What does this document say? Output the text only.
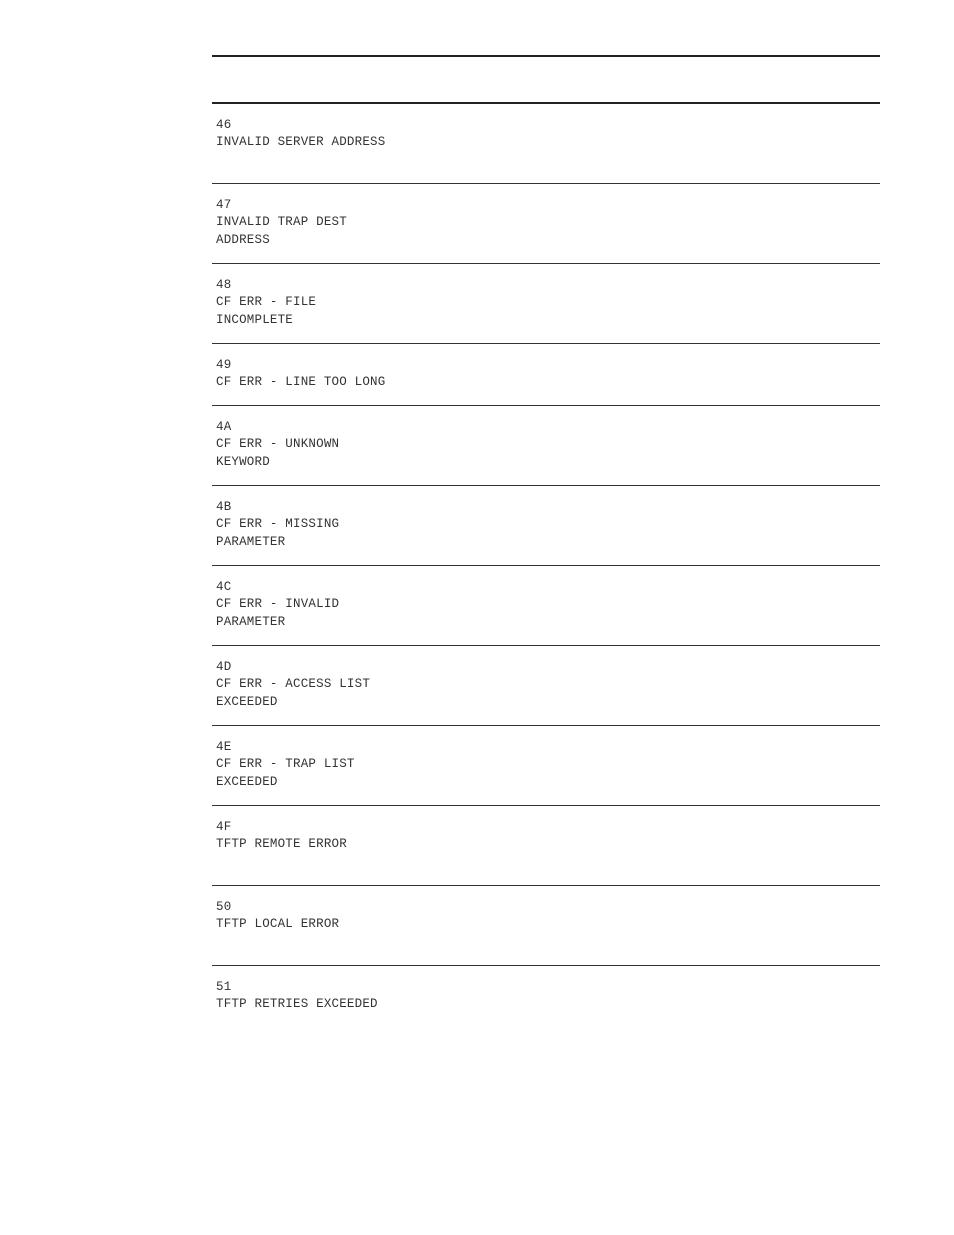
46
INVALID SERVER ADDRESS
47
INVALID TRAP DEST
ADDRESS
48
CF ERR - FILE
INCOMPLETE
49
CF ERR - LINE TOO LONG
4A
CF ERR - UNKNOWN
KEYWORD
4B
CF ERR - MISSING
PARAMETER
4C
CF ERR - INVALID
PARAMETER
4D
CF ERR - ACCESS LIST
EXCEEDED
4E
CF ERR - TRAP LIST
EXCEEDED
4F
TFTP REMOTE ERROR
50
TFTP LOCAL ERROR
51
TFTP RETRIES EXCEEDED
